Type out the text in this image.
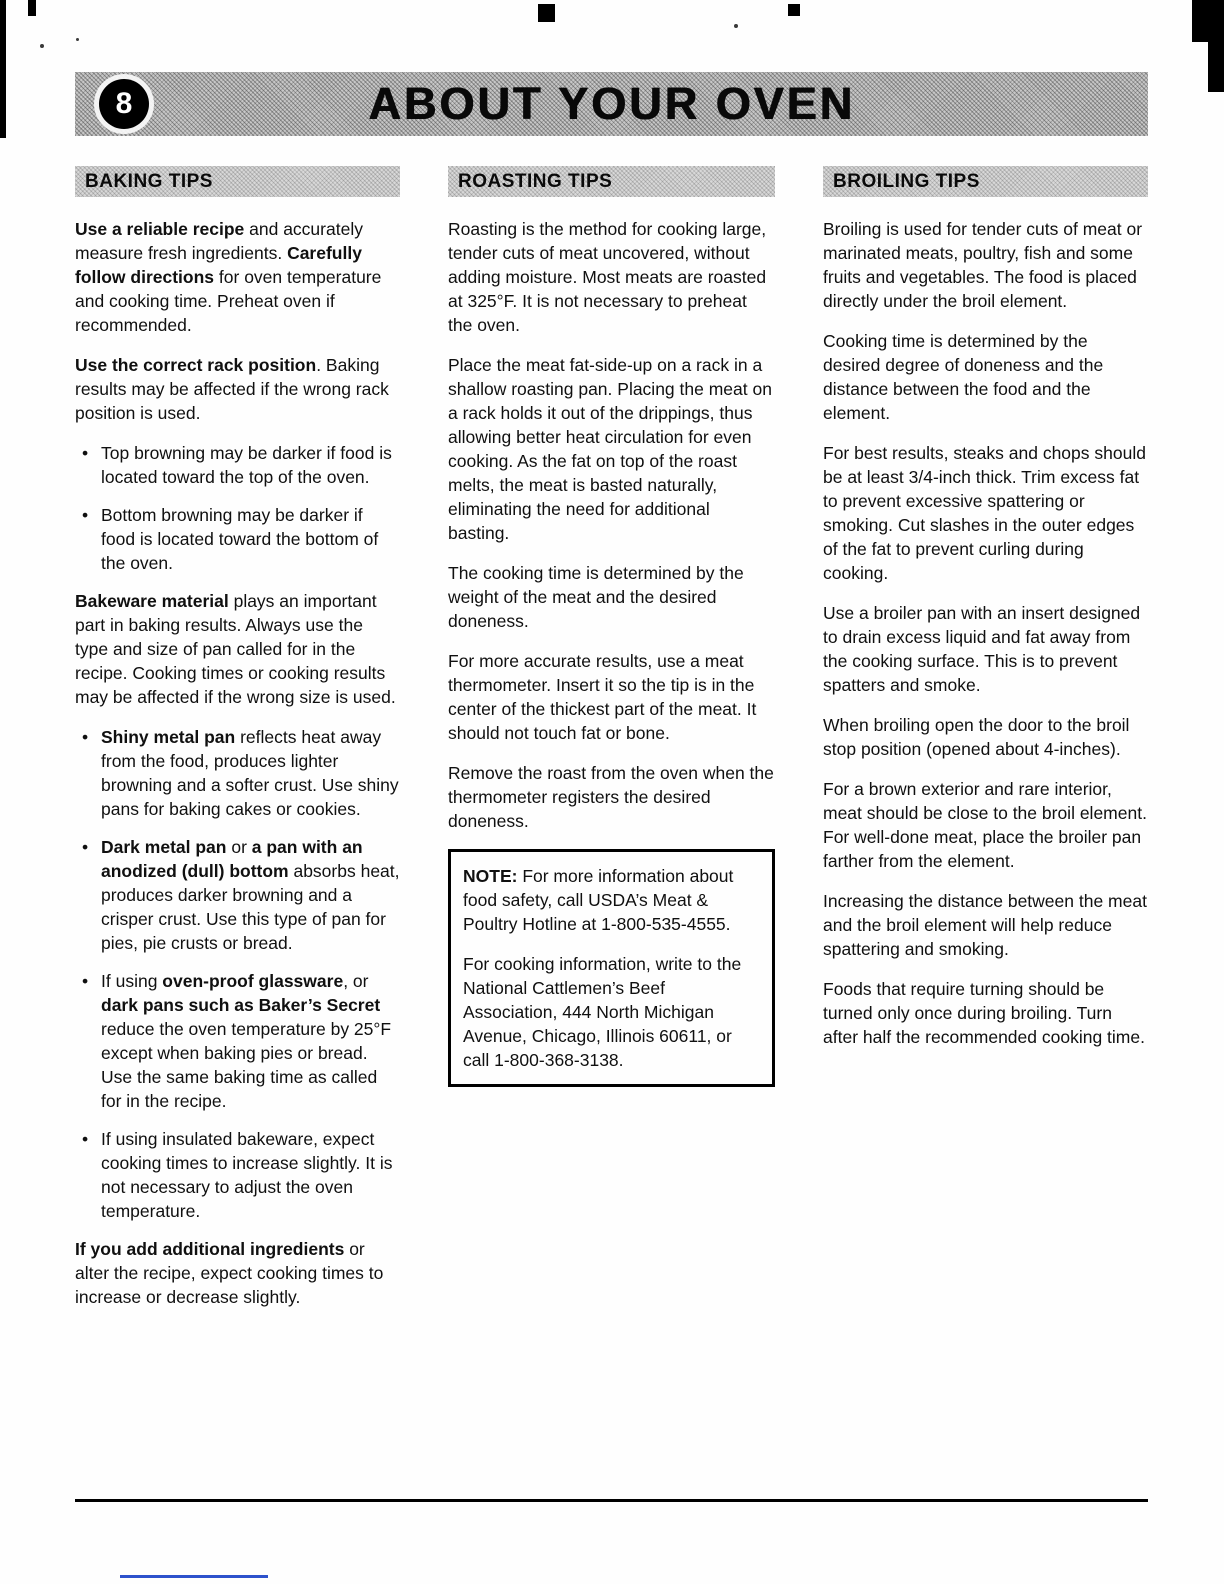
8	ABOUT YOUR OVEN
BAKING TIPS

Use a reliable recipe and accurately measure fresh ingredients. Carefully follow directions for oven temperature and cooking time. Preheat oven if recommended.

Use the correct rack position. Baking results may be affected if the wrong rack position is used.

• Top browning may be darker if food is located toward the top of the oven.
• Bottom browning may be darker if food is located toward the bottom of the oven.

Bakeware material plays an important part in baking results. Always use the type and size of pan called for in the recipe. Cooking times or cooking results may be affected if the wrong size is used.

• Shiny metal pan reflects heat away from the food, produces lighter browning and a softer crust. Use shiny pans for baking cakes or cookies.
• Dark metal pan or a pan with an anodized (dull) bottom absorbs heat, produces darker browning and a crisper crust. Use this type of pan for pies, pie crusts or bread.
• If using oven-proof glassware, or dark pans such as Baker’s Secret reduce the oven temperature by 25°F except when baking pies or bread. Use the same baking time as called for in the recipe.
• If using insulated bakeware, expect cooking times to increase slightly. It is not necessary to adjust the oven temperature.

If you add additional ingredients or alter the recipe, expect cooking times to increase or decrease slightly.

ROASTING TIPS

Roasting is the method for cooking large, tender cuts of meat uncovered, without adding moisture. Most meats are roasted at 325°F. It is not necessary to preheat the oven.

Place the meat fat-side-up on a rack in a shallow roasting pan. Placing the meat on a rack holds it out of the drippings, thus allowing better heat circulation for even cooking. As the fat on top of the roast melts, the meat is basted naturally, eliminating the need for additional basting.

The cooking time is determined by the weight of the meat and the desired doneness.

For more accurate results, use a meat thermometer. Insert it so the tip is in the center of the thickest part of the meat. It should not touch fat or bone.

Remove the roast from the oven when the thermometer registers the desired doneness.

NOTE: For more information about food safety, call USDA’s Meat & Poultry Hotline at 1-800-535-4555.

For cooking information, write to the National Cattlemen’s Beef Association, 444 North Michigan Avenue, Chicago, Illinois 60611, or call 1-800-368-3138.

BROILING TIPS

Broiling is used for tender cuts of meat or marinated meats, poultry, fish and some fruits and vegetables. The food is placed directly under the broil element.

Cooking time is determined by the desired degree of doneness and the distance between the food and the element.

For best results, steaks and chops should be at least 3/4-inch thick. Trim excess fat to prevent excessive spattering or smoking. Cut slashes in the outer edges of the fat to prevent curling during cooking.

Use a broiler pan with an insert designed to drain excess liquid and fat away from the cooking surface. This is to prevent spatters and smoke.

When broiling open the door to the broil stop position (opened about 4-inches).

For a brown exterior and rare interior, meat should be close to the broil element. For well-done meat, place the broiler pan farther from the element.

Increasing the distance between the meat and the broil element will help reduce spattering and smoking.

Foods that require turning should be turned only once during broiling. Turn after half the recommended cooking time.
